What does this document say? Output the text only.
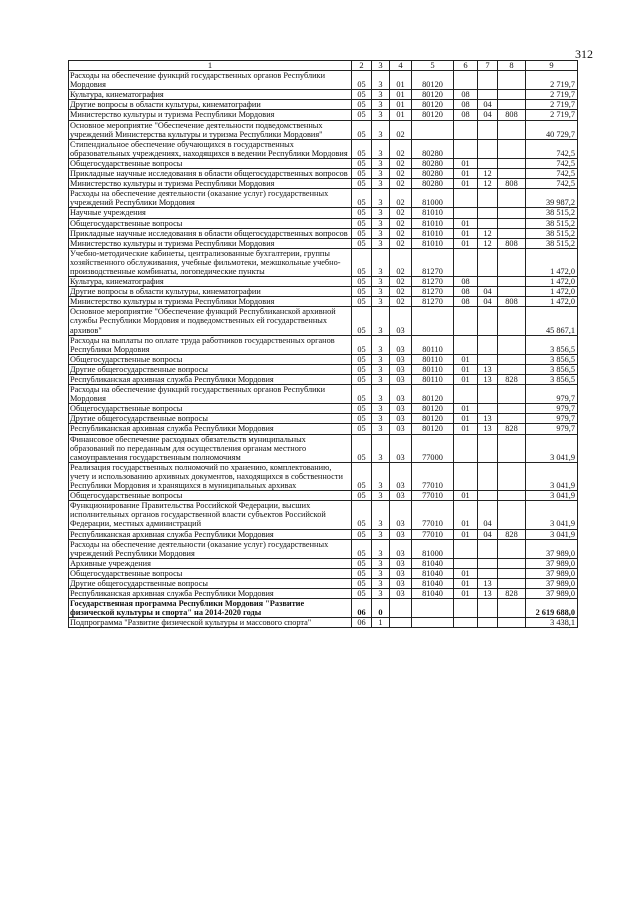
312
1	2	3	4	5	6	7	8	9
Расходы на обеспечение функций государственных органов Республики Мордовия	05	3	01	80120				2 719,7
Культура, кинематография	05	3	01	80120	08			2 719,7
Другие вопросы в области культуры, кинематографии	05	3	01	80120	08	04		2 719,7
Министерство культуры и туризма Республики Мордовия	05	3	01	80120	08	04	808	2 719,7
Основное мероприятие "Обеспечение деятельности подведомственных учреждений Министерства культуры и туризма Республики Мордовия"	05	3	02					40 729,7
Стипендиальное обеспечение обучающихся в государственных образовательных учреждениях, находящихся в ведении Республики Мордовия	05	3	02	80280				742,5
Общегосударственные вопросы	05	3	02	80280	01			742,5
Прикладные научные исследования в области общегосударственных вопросов	05	3	02	80280	01	12		742,5
Министерство культуры и туризма Республики Мордовия	05	3	02	80280	01	12	808	742,5
Расходы на обеспечение деятельности (оказание услуг) государственных учреждений Республики Мордовия	05	3	02	81000				39 987,2
Научные учреждения	05	3	02	81010				38 515,2
Общегосударственные вопросы	05	3	02	81010	01			38 515,2
Прикладные научные исследования в области общегосударственных вопросов	05	3	02	81010	01	12		38 515,2
Министерство культуры и туризма Республики Мордовия	05	3	02	81010	01	12	808	38 515,2
Учебно-методические кабинеты, централизованные бухгалтерии, группы хозяйственного обслуживания, учебные фильмотеки, межшкольные учебно-производственные комбинаты, логопедические пункты	05	3	02	81270				1 472,0
Культура, кинематография	05	3	02	81270	08			1 472,0
Другие вопросы в области культуры, кинематографии	05	3	02	81270	08	04		1 472,0
Министерство культуры и туризма Республики Мордовия	05	3	02	81270	08	04	808	1 472,0
Основное мероприятие "Обеспечение функций Республиканской архивной службы Республики Мордовия и подведомственных ей государственных архивов"	05	3	03					45 867,1
Расходы на выплаты по оплате труда работников государственных органов Республики Мордовия	05	3	03	80110				3 856,5
Общегосударственные вопросы	05	3	03	80110	01			3 856,5
Другие общегосударственные вопросы	05	3	03	80110	01	13		3 856,5
Республиканская архивная служба Республики Мордовия	05	3	03	80110	01	13	828	3 856,5
Расходы на обеспечение функций государственных органов Республики Мордовия	05	3	03	80120				979,7
Общегосударственные вопросы	05	3	03	80120	01			979,7
Другие общегосударственные вопросы	05	3	03	80120	01	13		979,7
Республиканская архивная служба Республики Мордовия	05	3	03	80120	01	13	828	979,7
Финансовое обеспечение расходных обязательств муниципальных образований по переданным для осуществления органам местного самоуправления государственным полномочиям	05	3	03	77000				3 041,9
Реализация государственных полномочий по хранению, комплектованию, учету и использованию архивных документов, находящихся в собственности Республики Мордовия и хранящихся в муниципальных архивах	05	3	03	77010				3 041,9
Общегосударственные вопросы	05	3	03	77010	01			3 041,9
Функционирование Правительства Российской Федерации, высших исполнительных органов государственной власти субъектов Российской Федерации, местных администраций	05	3	03	77010	01	04		3 041,9
Республиканская архивная служба Республики Мордовия	05	3	03	77010	01	04	828	3 041,9
Расходы на обеспечение деятельности (оказание услуг) государственных учреждений Республики Мордовия	05	3	03	81000				37 989,0
Архивные учреждения	05	3	03	81040				37 989,0
Общегосударственные вопросы	05	3	03	81040	01			37 989,0
Другие общегосударственные вопросы	05	3	03	81040	01	13		37 989,0
Республиканская архивная служба Республики Мордовия	05	3	03	81040	01	13	828	37 989,0
Государственная программа Республики Мордовия "Развитие физической культуры и спорта" на 2014-2020 годы	06	0						2 619 688,0
Подпрограмма "Развитие физической культуры и массового спорта"	06	1						3 438,1
